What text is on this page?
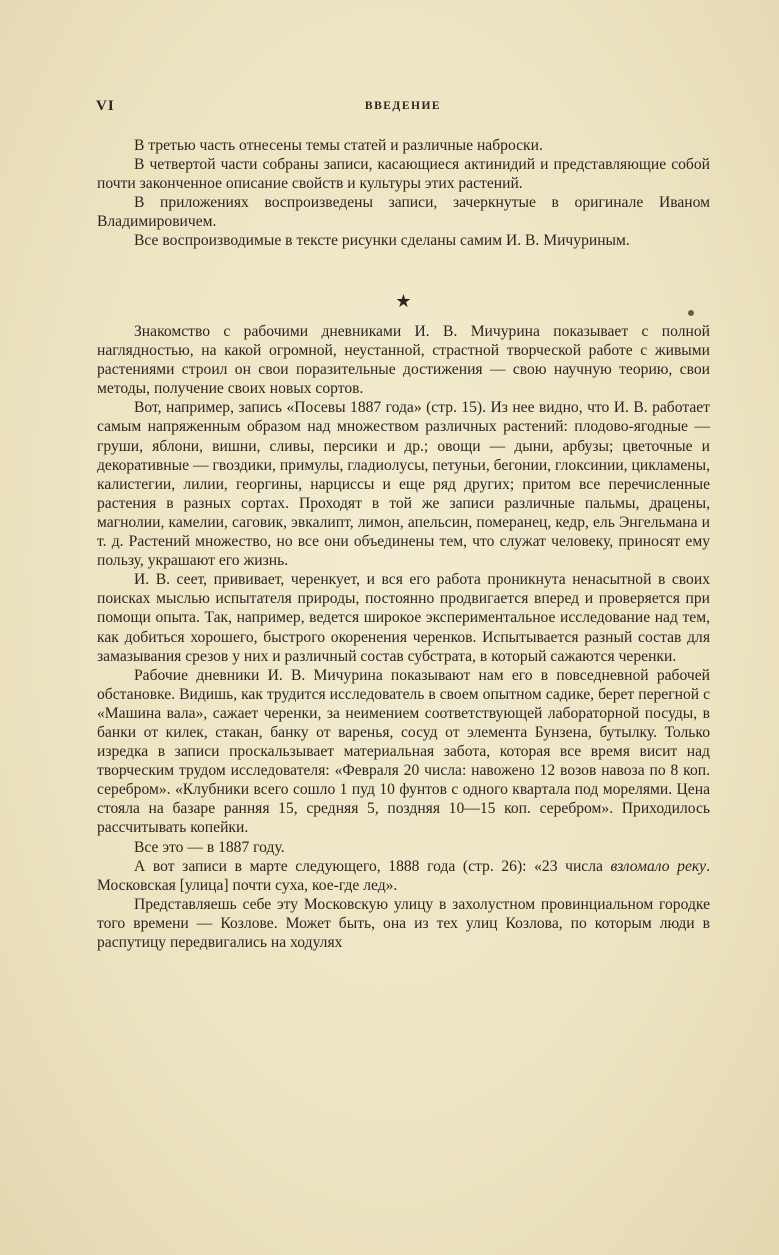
VI	ВВЕДЕНИЕ

В третью часть отнесены темы статей и различные наброски.

В четвертой части собраны записи, касающиеся актинидий и представляющие собой почти законченное описание свойств и культуры этих растений.

В приложениях воспроизведены записи, зачеркнутые в оригинале Иваном Владимировичем.

Все воспроизводимые в тексте рисунки сделаны самим И. В. Мичуриным.

★

Знакомство с рабочими дневниками И. В. Мичурина показывает с полной наглядностью, на какой огромной, неустанной, страстной творческой работе с живыми растениями строил он свои поразительные достижения — свою научную теорию, свои методы, получение своих новых сортов.

Вот, например, запись «Посевы 1887 года» (стр. 15). Из нее видно, что И. В. работает самым напряженным образом над множеством различных растений: плодово-ягодные — груши, яблони, вишни, сливы, персики и др.; овощи — дыни, арбузы; цветочные и декоративные — гвоздики, примулы, гладиолусы, петуньи, бегонии, глоксинии, цикламены, калистегии, лилии, георгины, нарциссы и еще ряд других; притом все перечисленные растения в разных сортах. Проходят в той же записи различные пальмы, драцены, магнолии, камелии, саговик, эвкалипт, лимон, апельсин, померанец, кедр, ель Энгельмана и т. д. Растений множество, но все они объединены тем, что служат человеку, приносят ему пользу, украшают его жизнь.

И. В. сеет, прививает, черенкует, и вся его работа проникнута ненасытной в своих поисках мыслью испытателя природы, постоянно продвигается вперед и проверяется при помощи опыта. Так, например, ведется широкое экспериментальное исследование над тем, как добиться хорошего, быстрого окоренения черенков. Испытывается разный состав для замазывания срезов у них и различный состав субстрата, в который сажаются черенки.

Рабочие дневники И. В. Мичурина показывают нам его в повседневной рабочей обстановке. Видишь, как трудится исследователь в своем опытном садике, берет перегной с «Машина вала», сажает черенки, за неимением соответствующей лабораторной посуды, в банки от килек, стакан, банку от варенья, сосуд от элемента Бунзена, бутылку. Только изредка в записи проскальзывает материальная забота, которая все время висит над творческим трудом исследователя: «Февраля 20 числа: навожено 12 возов навоза по 8 коп. серебром». «Клубники всего сошло 1 пуд 10 фунтов с одного квартала под морелями. Цена стояла на базаре ранняя 15, средняя 5, поздняя 10—15 коп. серебром». Приходилось рассчитывать копейки.

Все это — в 1887 году.

А вот записи в марте следующего, 1888 года (стр. 26): «23 числа взломало реку. Московская [улица] почти суха, кое-где лед».

Представляешь себе эту Московскую улицу в захолустном провинциальном городке того времени — Козлове. Может быть, она из тех улиц Козлова, по которым люди в распутицу передвигались на ходулях
